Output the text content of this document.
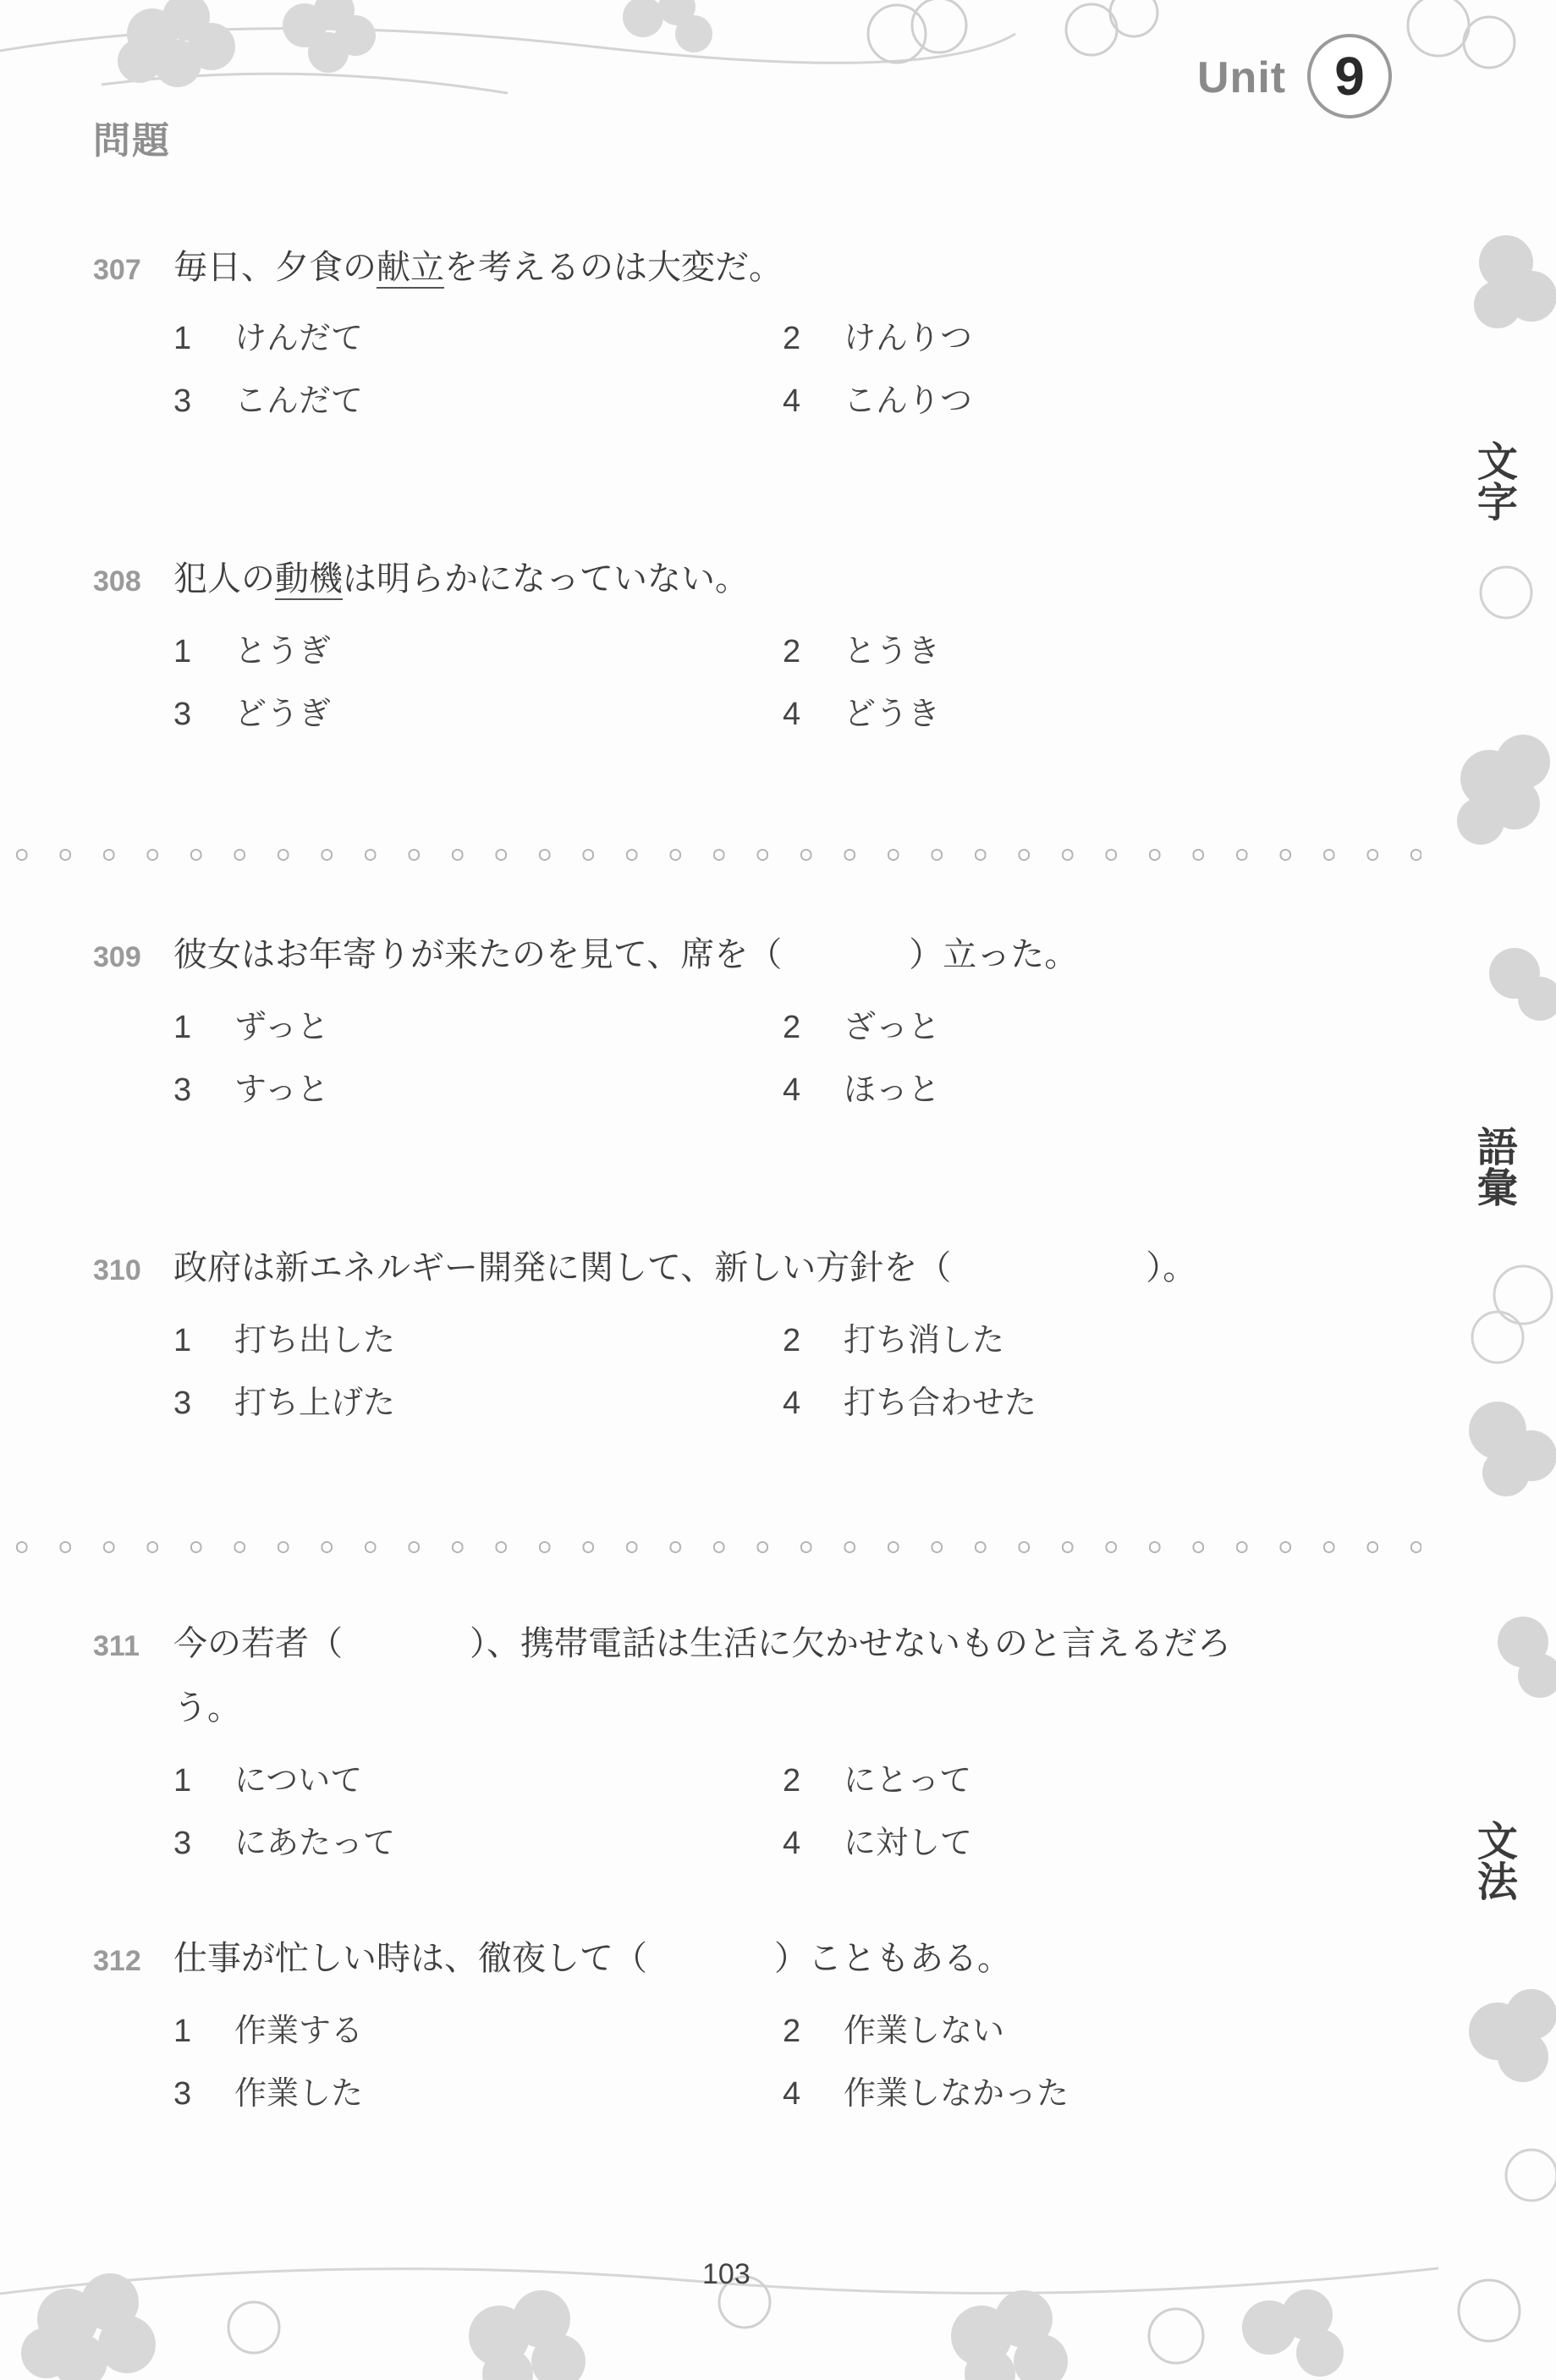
Unit 9
問題
文字
語彙
文法
307 毎日、夕食の献立を考えるのは大変だ。
1 けんだて	2 けんりつ
3 こんだて	4 こんりつ
308 犯人の動機は明らかになっていない。
1 とうぎ	2 とうき
3 どうぎ	4 どうき
309 彼女はお年寄りが来たのを見て、席を（	）立った。
1 ずっと	2 ざっと
3 すっと	4 ほっと
310 政府は新エネルギー開発に関して、新しい方針を（	）。
1 打ち出した	2 打ち消した
3 打ち上げた	4 打ち合わせた
311 今の若者（	）、携帯電話は生活に欠かせないものと言えるだろ
う。
1 について	2 にとって
3 にあたって	4 に対して
312 仕事が忙しい時は、徹夜して（	）こともある。
1 作業する	2 作業しない
3 作業した	4 作業しなかった
103
